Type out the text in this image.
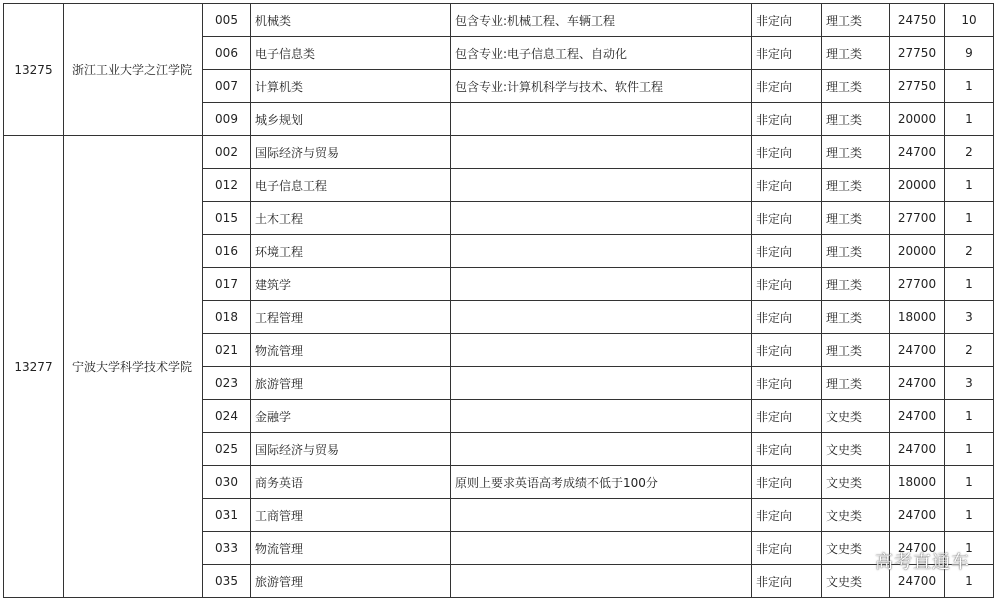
13275	浙江工业大学之江学院	005	机械类	包含专业:机械工程、车辆工程	非定向	理工类	24750	10
		006	电子信息类	包含专业:电子信息工程、自动化	非定向	理工类	27750	9
		007	计算机类	包含专业:计算机科学与技术、软件工程	非定向	理工类	27750	1
		009	城乡规划		非定向	理工类	20000	1
13277	宁波大学科学技术学院	002	国际经济与贸易		非定向	理工类	24700	2
		012	电子信息工程		非定向	理工类	20000	1
		015	土木工程		非定向	理工类	27700	1
		016	环境工程		非定向	理工类	20000	2
		017	建筑学		非定向	理工类	27700	1
		018	工程管理		非定向	理工类	18000	3
		021	物流管理		非定向	理工类	24700	2
		023	旅游管理		非定向	理工类	24700	3
		024	金融学		非定向	文史类	24700	1
		025	国际经济与贸易		非定向	文史类	24700	1
		030	商务英语	原则上要求英语高考成绩不低于100分	非定向	文史类	18000	1
		031	工商管理		非定向	文史类	24700	1
		033	物流管理		非定向	文史类	24700	1
		035	旅游管理		非定向	文史类	24700	1
高考直通车
